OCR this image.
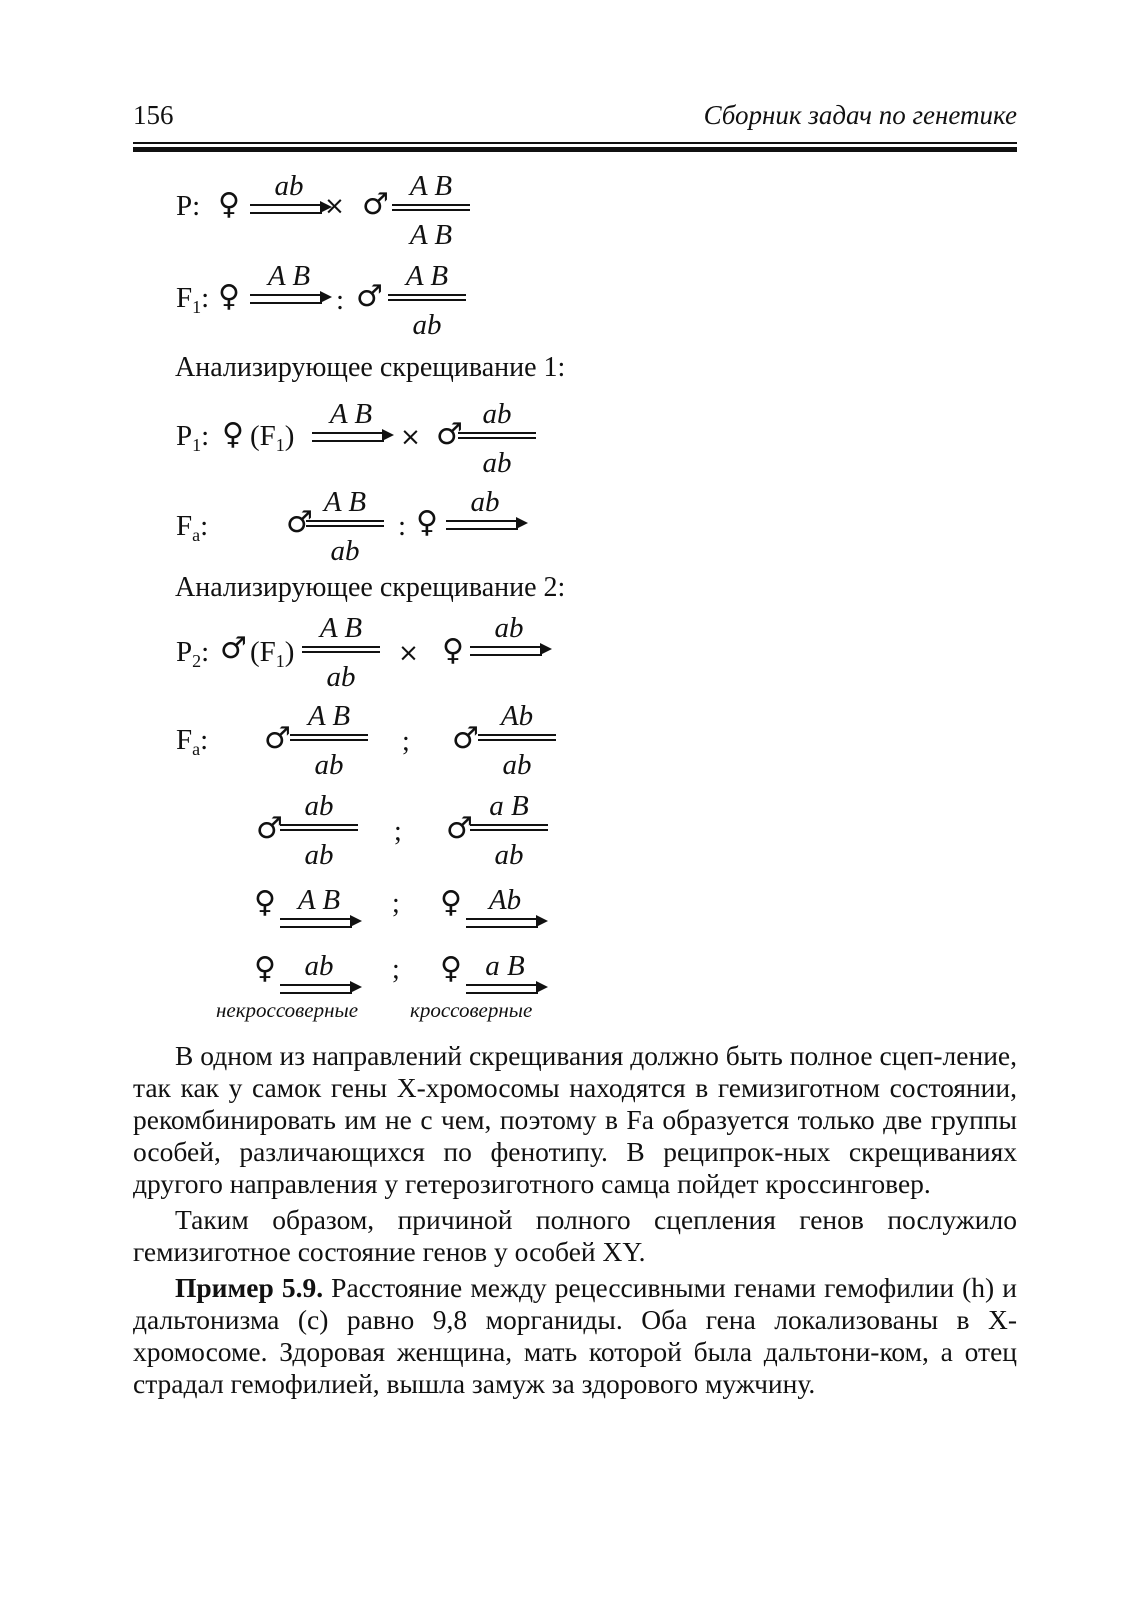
156	Сборник задач по генетике
P: ♀
ab
× ♂
A B
A B
$F_1$: ♀
A B
: ♂
A B
ab
Анализирующее скрещивание 1:
$P_1$: ♀ $(F_1)$
A B
× ♂
ab
ab
$F_a$:	♂
A B
ab
: ♀
ab
Анализирующее скрещивание 2:
$P_2$: ♂ $(F_1)$
A B
ab
× ♀
ab
$F_a$: ♂
A B
ab
; ♂
Ab
ab
♂
ab
ab
; ♂
a B
ab
♀ A B	; ♀ Ab
♀ ab	; ♀ a B
некроссоверные кроссоверные

В одном из направлений скрещивания должно быть полное сцеп-ление, так как у самок гены X-хромосомы находятся в гемизиготном состоянии, рекомбинировать им не с чем, поэтому в Fa образуется только две группы особей, различающихся по фенотипу. В реципрок-ных скрещиваниях другого направления у гетерозиготного самца пойдет кроссинговер.

Таким образом, причиной полного сцепления генов послужило гемизиготное состояние генов у особей XY.

Пример 5.9. Расстояние между рецессивными генами гемофилии (h) и дальтонизма (c) равно 9,8 морганиды. Оба гена локализованы в X-хромосоме. Здоровая женщина, мать которой была дальтони-ком, а отец страдал гемофилией, вышла замуж за здорового мужчину.
